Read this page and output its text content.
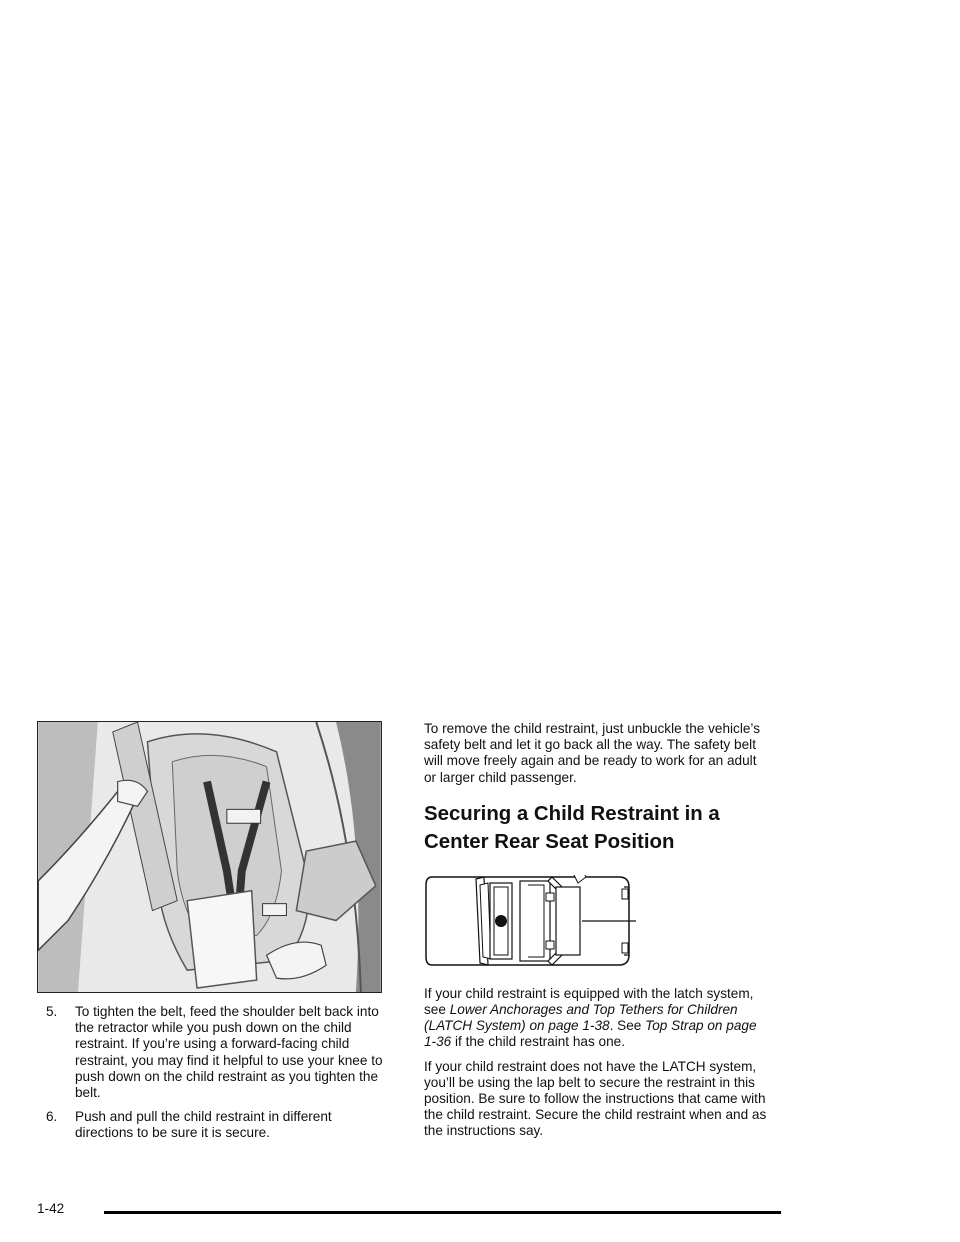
5. To tighten the belt, feed the shoulder belt back into the retractor while you push down on the child restraint. If you’re using a forward-facing child restraint, you may find it helpful to use your knee to push down on the child restraint as you tighten the belt.
6. Push and pull the child restraint in different directions to be sure it is secure.

To remove the child restraint, just unbuckle the vehicle’s safety belt and let it go back all the way. The safety belt will move freely again and be ready to work for an adult or larger child passenger.

Securing a Child Restraint in a Center Rear Seat Position

If your child restraint is equipped with the latch system, see Lower Anchorages and Top Tethers for Children (LATCH System) on page 1-38. See Top Strap on page 1-36 if the child restraint has one.

If your child restraint does not have the LATCH system, you’ll be using the lap belt to secure the restraint in this position. Be sure to follow the instructions that came with the child restraint. Secure the child restraint when and as the instructions say.

1-42
